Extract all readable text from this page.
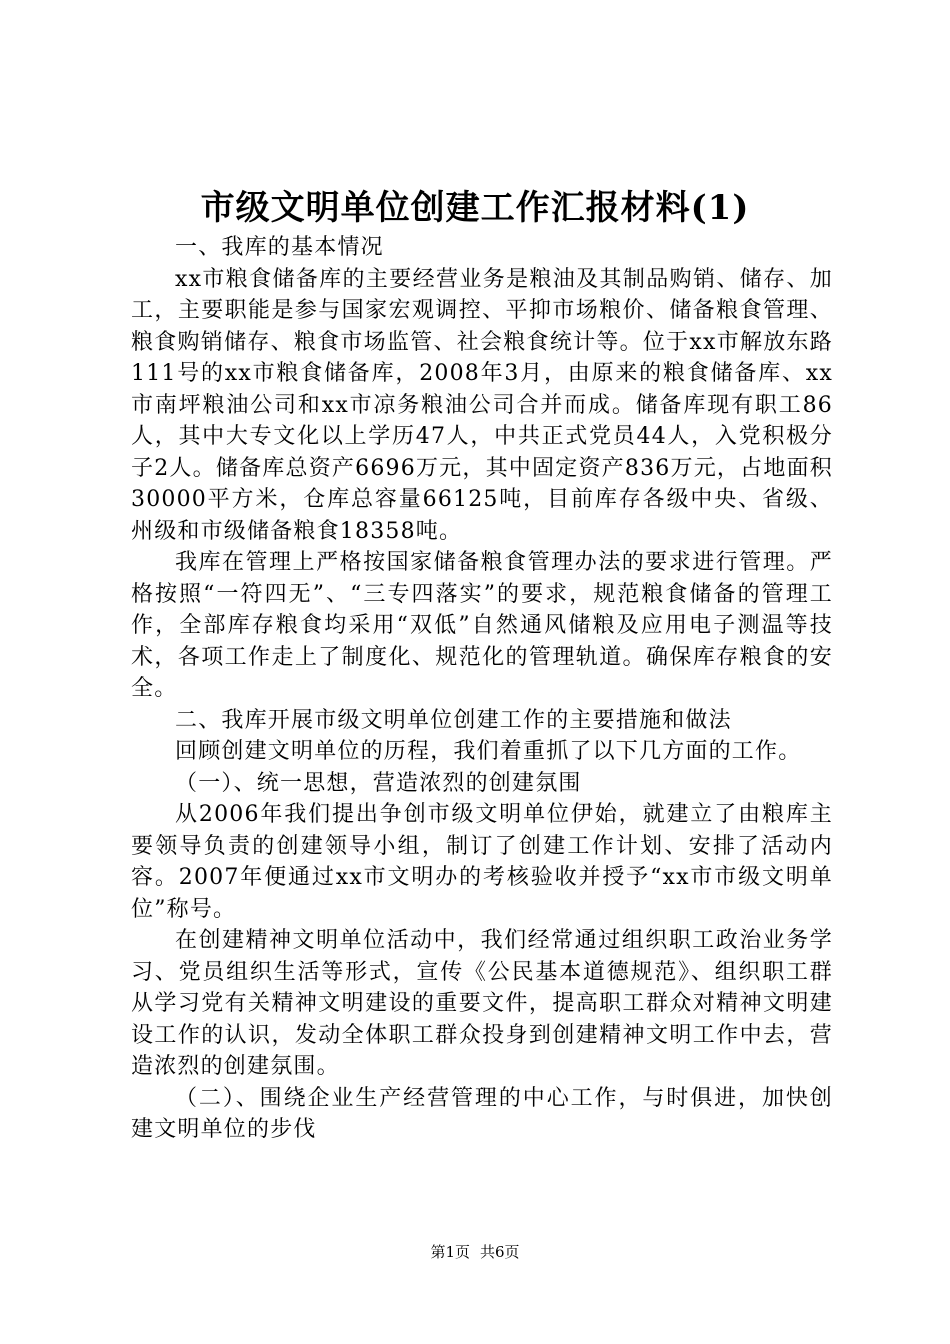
市级文明单位创建工作汇报材料(1)

一、我库的基本情况

xx市粮食储备库的主要经营业务是粮油及其制品购销、储存、加工，主要职能是参与国家宏观调控、平抑市场粮价、储备粮食管理、粮食购销储存、粮食市场监管、社会粮食统计等。位于xx市解放东路111号的xx市粮食储备库，2008年3月，由原来的粮食储备库、xx市南坪粮油公司和xx市凉务粮油公司合并而成。储备库现有职工86人，其中大专文化以上学历47人，中共正式党员44人，入党积极分子2人。储备库总资产6696万元，其中固定资产836万元，占地面积30000平方米，仓库总容量66125吨，目前库存各级中央、省级、州级和市级储备粮食18358吨。

我库在管理上严格按国家储备粮食管理办法的要求进行管理。严格按照“一符四无”、“三专四落实”的要求，规范粮食储备的管理工作，全部库存粮食均采用“双低”自然通风储粮及应用电子测温等技术，各项工作走上了制度化、规范化的管理轨道。确保库存粮食的安全。

二、我库开展市级文明单位创建工作的主要措施和做法

回顾创建文明单位的历程，我们着重抓了以下几方面的工作。

（一）、统一思想，营造浓烈的创建氛围

从2006年我们提出争创市级文明单位伊始，就建立了由粮库主要领导负责的创建领导小组，制订了创建工作计划、安排了活动内容。2007年便通过xx市文明办的考核验收并授予“xx市市级文明单位”称号。

在创建精神文明单位活动中，我们经常通过组织职工政治业务学习、党员组织生活等形式，宣传《公民基本道德规范》、组织职工群从学习党有关精神文明建设的重要文件，提高职工群众对精神文明建设工作的认识，发动全体职工群众投身到创建精神文明工作中去，营造浓烈的创建氛围。

（二）、围绕企业生产经营管理的中心工作，与时俱进，加快创建文明单位的步伐

第1页 共6页
